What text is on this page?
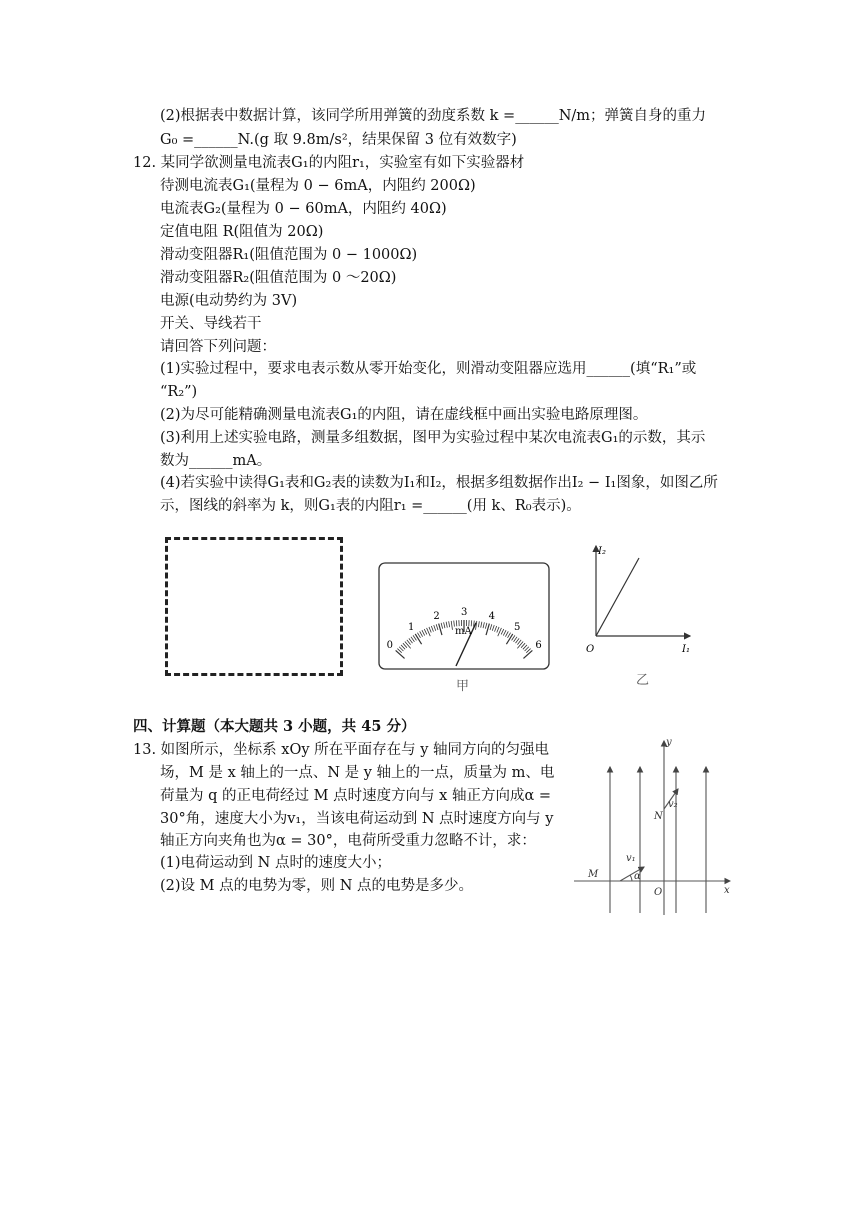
(2)根据表中数据计算，该同学所用弹簧的劲度系数 k =______N/m；弹簧自身的重力
G₀ =______N.(g 取 9.8m/s²，结果保留 3 位有效数字)
12. 某同学欲测量电流表G₁的内阻r₁，实验室有如下实验器材
待测电流表G₁(量程为 0 − 6mA，内阻约 200Ω)
电流表G₂(量程为 0 − 60mA，内阻约 40Ω)
定值电阻 R(阻值为 20Ω)
滑动变阻器R₁(阻值范围为 0 − 1000Ω)
滑动变阻器R₂(阻值范围为 0 ～20Ω)
电源(电动势约为 3V)
开关、导线若干
请回答下列问题：
(1)实验过程中，要求电表示数从零开始变化，则滑动变阻器应选用______(填“R₁”或
“R₂”)
(2)为尽可能精确测量电流表G₁的内阻，请在虚线框中画出实验电路原理图。
(3)利用上述实验电路，测量多组数据，图甲为实验过程中某次电流表G₁的示数，其示
数为______mA。
(4)若实验中读得G₁表和G₂表的读数为I₁和I₂，根据多组数据作出I₂ − I₁图象，如图乙所
示，图线的斜率为 k，则G₁表的内阻r₁ =______(用 k、R₀表示)。
0
1
2 3 4
5
6
mA
甲
I₂
I₁
O
乙
四、计算题（本大题共 3 小题，共 45 分）
13. 如图所示，坐标系 xOy 所在平面存在与 y 轴同方向的匀强电
场，M 是 x 轴上的一点、N 是 y 轴上的一点，质量为 m、电
荷量为 q 的正电荷经过 M 点时速度方向与 x 轴正方向成α =
30°角，速度大小为v₁，当该电荷运动到 N 点时速度方向与 y
轴正方向夹角也为α = 30°，电荷所受重力忽略不计，求：
(1)电荷运动到 N 点时的速度大小；
(2)设 M 点的电势为零，则 N 点的电势是多少。
y
x
M
N
O
v₁
v₂
α
